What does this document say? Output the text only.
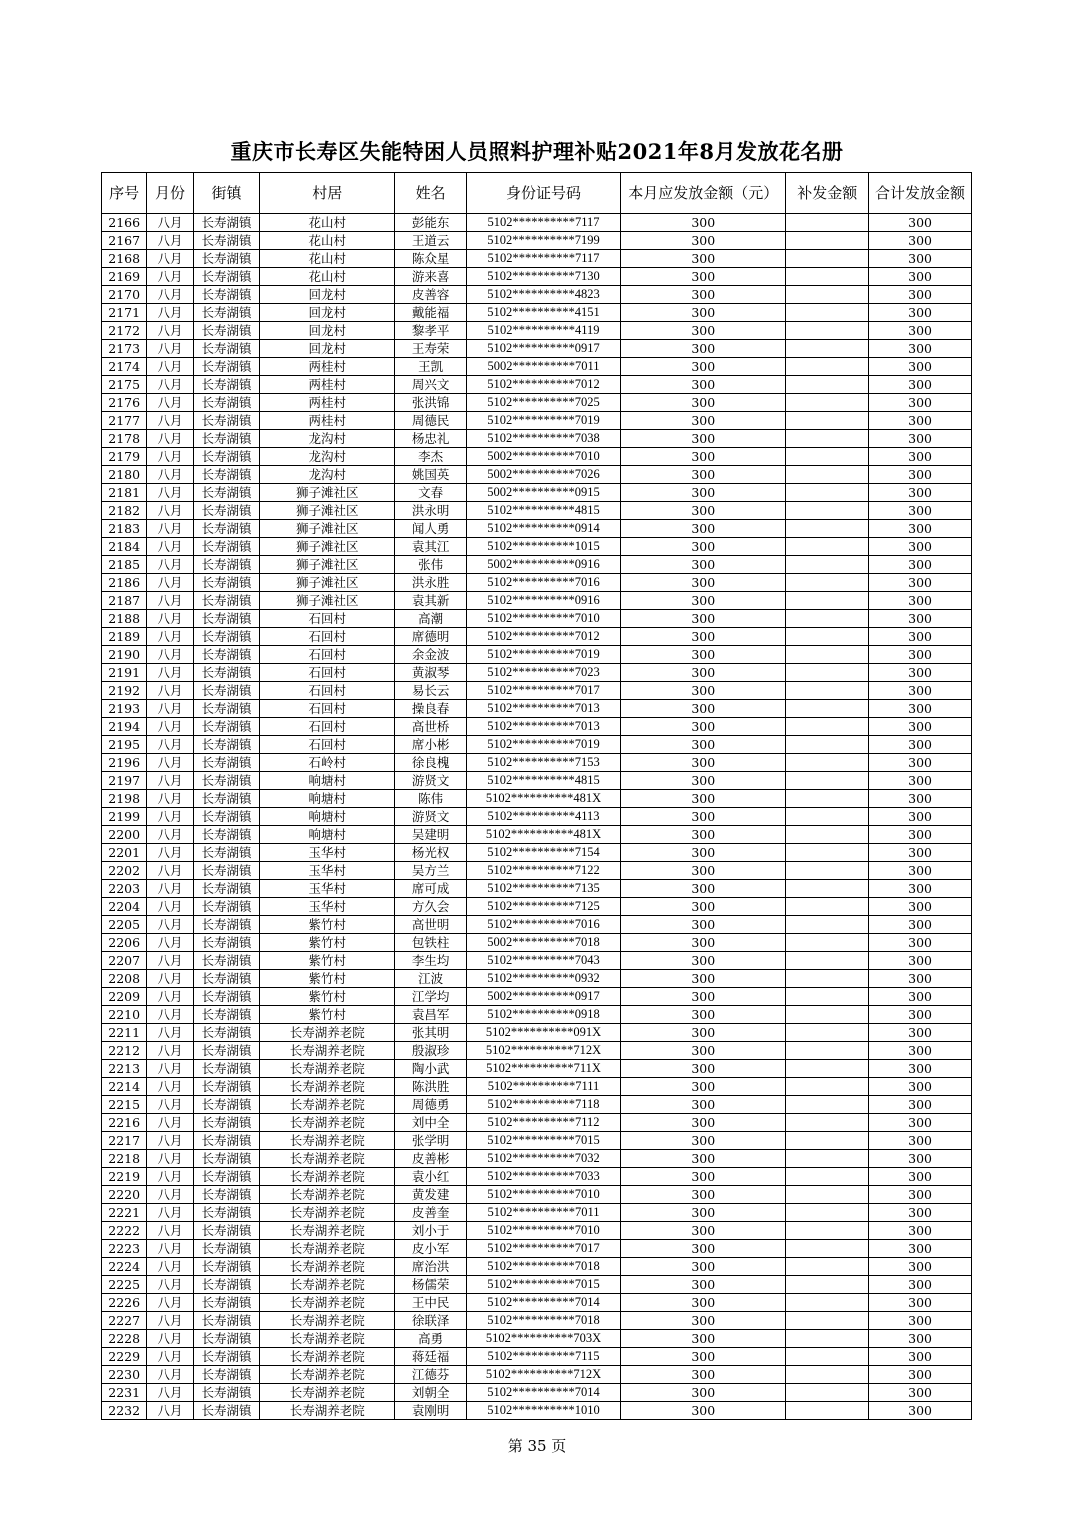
重庆市长寿区失能特困人员照料护理补贴2021年8月发放花名册
序号	月份	街镇	村居	姓名	身份证号码	本月应发放金额（元）	补发金额	合计发放金额
2166	八月	长寿湖镇	花山村	彭能东	5102**********7117	300		300
2167	八月	长寿湖镇	花山村	王道云	5102**********7199	300		300
2168	八月	长寿湖镇	花山村	陈众星	5102**********7117	300		300
2169	八月	长寿湖镇	花山村	游来喜	5102**********7130	300		300
2170	八月	长寿湖镇	回龙村	皮善容	5102**********4823	300		300
2171	八月	长寿湖镇	回龙村	戴能福	5102**********4151	300		300
2172	八月	长寿湖镇	回龙村	黎孝平	5102**********4119	300		300
2173	八月	长寿湖镇	回龙村	王寿荣	5102**********0917	300		300
2174	八月	长寿湖镇	两桂村	王凯	5002**********7011	300		300
2175	八月	长寿湖镇	两桂村	周兴文	5102**********7012	300		300
2176	八月	长寿湖镇	两桂村	张洪锦	5102**********7025	300		300
2177	八月	长寿湖镇	两桂村	周德民	5102**********7019	300		300
2178	八月	长寿湖镇	龙沟村	杨忠礼	5102**********7038	300		300
2179	八月	长寿湖镇	龙沟村	李杰	5002**********7010	300		300
2180	八月	长寿湖镇	龙沟村	姚国英	5002**********7026	300		300
2181	八月	长寿湖镇	狮子滩社区	文春	5002**********0915	300		300
2182	八月	长寿湖镇	狮子滩社区	洪永明	5102**********4815	300		300
2183	八月	长寿湖镇	狮子滩社区	闻人勇	5102**********0914	300		300
2184	八月	长寿湖镇	狮子滩社区	袁其江	5102**********1015	300		300
2185	八月	长寿湖镇	狮子滩社区	张伟	5002**********0916	300		300
2186	八月	长寿湖镇	狮子滩社区	洪永胜	5102**********7016	300		300
2187	八月	长寿湖镇	狮子滩社区	袁其新	5102**********0916	300		300
2188	八月	长寿湖镇	石回村	高潮	5102**********7010	300		300
2189	八月	长寿湖镇	石回村	席德明	5102**********7012	300		300
2190	八月	长寿湖镇	石回村	余金波	5102**********7019	300		300
2191	八月	长寿湖镇	石回村	黄淑琴	5102**********7023	300		300
2192	八月	长寿湖镇	石回村	易长云	5102**********7017	300		300
2193	八月	长寿湖镇	石回村	操良春	5102**********7013	300		300
2194	八月	长寿湖镇	石回村	高世桥	5102**********7013	300		300
2195	八月	长寿湖镇	石回村	席小彬	5102**********7019	300		300
2196	八月	长寿湖镇	石岭村	徐良槐	5102**********7153	300		300
2197	八月	长寿湖镇	响塘村	游贤文	5102**********4815	300		300
2198	八月	长寿湖镇	响塘村	陈伟	5102**********481X	300		300
2199	八月	长寿湖镇	响塘村	游贤文	5102**********4113	300		300
2200	八月	长寿湖镇	响塘村	吴建明	5102**********481X	300		300
2201	八月	长寿湖镇	玉华村	杨光权	5102**********7154	300		300
2202	八月	长寿湖镇	玉华村	吴方兰	5102**********7122	300		300
2203	八月	长寿湖镇	玉华村	席可成	5102**********7135	300		300
2204	八月	长寿湖镇	玉华村	方久会	5102**********7125	300		300
2205	八月	长寿湖镇	紫竹村	高世明	5102**********7016	300		300
2206	八月	长寿湖镇	紫竹村	包铁柱	5002**********7018	300		300
2207	八月	长寿湖镇	紫竹村	李生均	5102**********7043	300		300
2208	八月	长寿湖镇	紫竹村	江波	5102**********0932	300		300
2209	八月	长寿湖镇	紫竹村	江学均	5002**********0917	300		300
2210	八月	长寿湖镇	紫竹村	袁昌军	5102**********0918	300		300
2211	八月	长寿湖镇	长寿湖养老院	张其明	5102**********091X	300		300
2212	八月	长寿湖镇	长寿湖养老院	殷淑珍	5102**********712X	300		300
2213	八月	长寿湖镇	长寿湖养老院	陶小武	5102**********711X	300		300
2214	八月	长寿湖镇	长寿湖养老院	陈洪胜	5102**********7111	300		300
2215	八月	长寿湖镇	长寿湖养老院	周德勇	5102**********7118	300		300
2216	八月	长寿湖镇	长寿湖养老院	刘中全	5102**********7112	300		300
2217	八月	长寿湖镇	长寿湖养老院	张学明	5102**********7015	300		300
2218	八月	长寿湖镇	长寿湖养老院	皮善彬	5102**********7032	300		300
2219	八月	长寿湖镇	长寿湖养老院	袁小红	5102**********7033	300		300
2220	八月	长寿湖镇	长寿湖养老院	黄发建	5102**********7010	300		300
2221	八月	长寿湖镇	长寿湖养老院	皮善奎	5102**********7011	300		300
2222	八月	长寿湖镇	长寿湖养老院	刘小于	5102**********7010	300		300
2223	八月	长寿湖镇	长寿湖养老院	皮小军	5102**********7017	300		300
2224	八月	长寿湖镇	长寿湖养老院	席治洪	5102**********7018	300		300
2225	八月	长寿湖镇	长寿湖养老院	杨儒荣	5102**********7015	300		300
2226	八月	长寿湖镇	长寿湖养老院	王中民	5102**********7014	300		300
2227	八月	长寿湖镇	长寿湖养老院	徐联泽	5102**********7018	300		300
2228	八月	长寿湖镇	长寿湖养老院	高勇	5102**********703X	300		300
2229	八月	长寿湖镇	长寿湖养老院	蒋廷福	5102**********7115	300		300
2230	八月	长寿湖镇	长寿湖养老院	江德芬	5102**********712X	300		300
2231	八月	长寿湖镇	长寿湖养老院	刘朝全	5102**********7014	300		300
2232	八月	长寿湖镇	长寿湖养老院	袁刚明	5102**********1010	300		300
第 35 页
